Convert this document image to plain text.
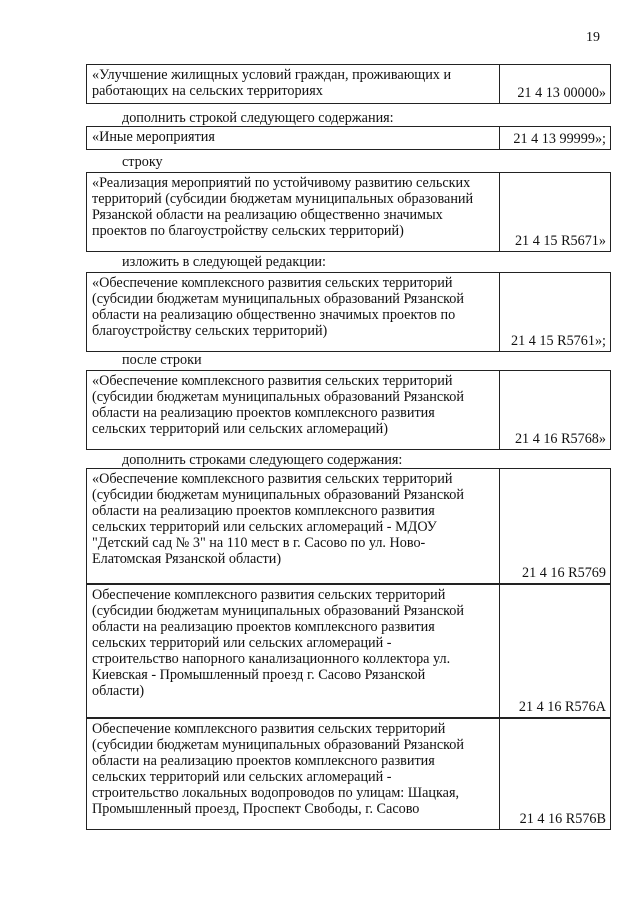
19
«Улучшение жилищных условий граждан, проживающих и
работающих на сельских территориях	21 4 13 00000»
дополнить строкой следующего содержания:
«Иные мероприятия	21 4 13 99999»;
строку
«Реализация мероприятий по устойчивому развитию сельских
территорий (субсидии бюджетам муниципальных образований
Рязанской области на реализацию общественно значимых
проектов по благоустройству сельских территорий)
21 4 15 R5671»
изложить в следующей редакции:
«Обеспечение комплексного развития сельских территорий
(субсидии бюджетам муниципальных образований Рязанской
области на реализацию общественно значимых проектов по
благоустройству сельских территорий)
21 4 15 R5761»;
после строки
«Обеспечение комплексного развития сельских территорий
(субсидии бюджетам муниципальных образований Рязанской
области на реализацию проектов комплексного развития
сельских территорий или сельских агломераций)
21 4 16 R5768»
дополнить строками следующего содержания:
«Обеспечение комплексного развития сельских территорий
(субсидии бюджетам муниципальных образований Рязанской
области на реализацию проектов комплексного развития
сельских территорий или сельских агломераций - МДОУ
"Детский сад № 3" на 110 мест в г. Сасово по ул. Ново-
Елатомская Рязанской области)
21 4 16 R5769
Обеспечение комплексного развития сельских территорий
(субсидии бюджетам муниципальных образований Рязанской
области на реализацию проектов комплексного развития
сельских территорий или сельских агломераций -
строительство напорного канализационного коллектора ул.
Киевская - Промышленный проезд г. Сасово Рязанской
области)
21 4 16 R576A
Обеспечение комплексного развития сельских территорий
(субсидии бюджетам муниципальных образований Рязанской
области на реализацию проектов комплексного развития
сельских территорий или сельских агломераций -
строительство локальных водопроводов по улицам: Шацкая,
Промышленный проезд, Проспект Свободы, г. Сасово
21 4 16 R576B
